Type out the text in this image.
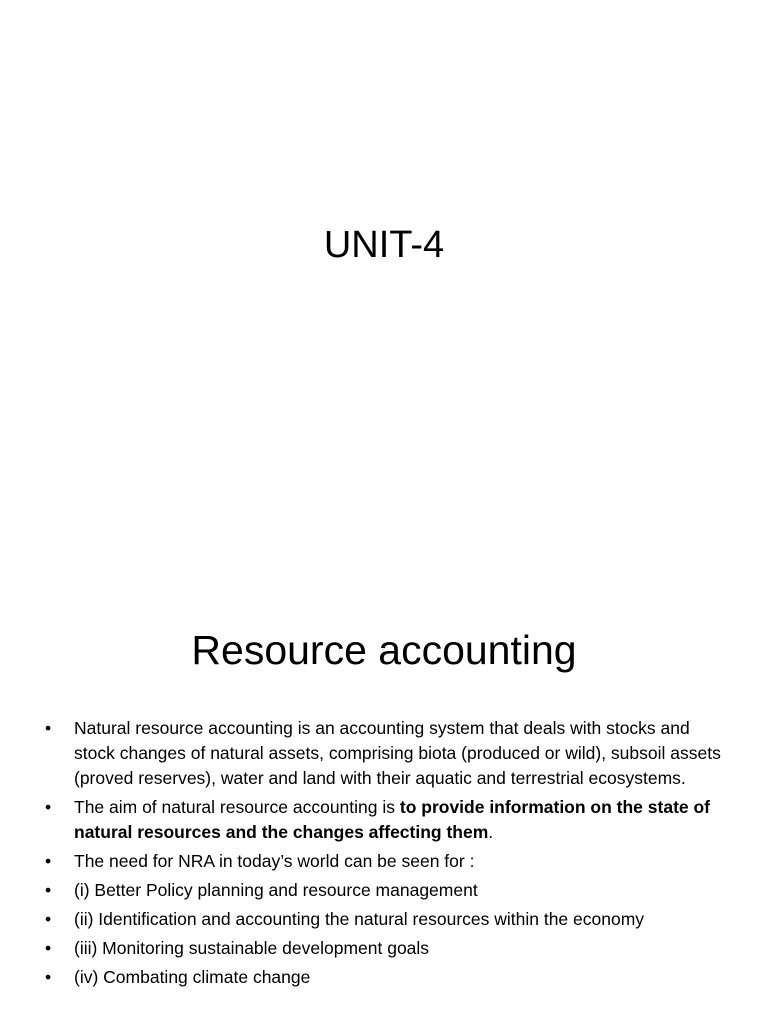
UNIT-4
Resource accounting
• Natural resource accounting is an accounting system that deals with stocks and stock changes of natural assets, comprising biota (produced or wild), subsoil assets (proved reserves), water and land with their aquatic and terrestrial ecosystems.
• The aim of natural resource accounting is to provide information on the state of natural resources and the changes affecting them.
• The need for NRA in today’s world can be seen for :
• (i) Better Policy planning and resource management
• (ii) Identification and accounting the natural resources within the economy
• (iii) Monitoring sustainable development goals
• (iv) Combating climate change
